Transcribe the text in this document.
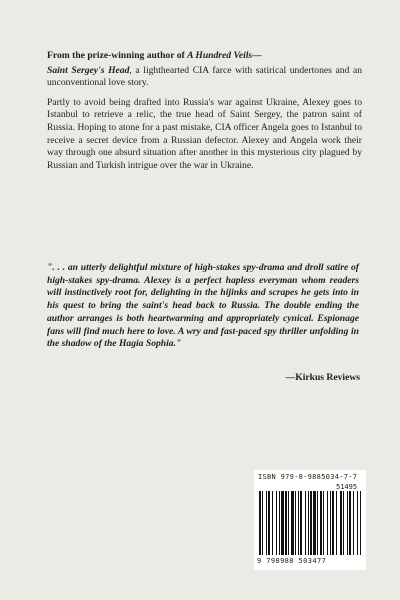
From the prize-winning author of A Hundred Veils—

Saint Sergey's Head, a lighthearted CIA farce with satirical undertones and an unconventional love story.

Partly to avoid being drafted into Russia's war against Ukraine, Alexey goes to Istanbul to retrieve a relic, the true head of Saint Sergey, the patron saint of Russia. Hoping to atone for a past mistake, CIA officer Angela goes to Istanbul to receive a secret device from a Russian defector. Alexey and Angela work their way through one absurd situation after another in this mysterious city plagued by Russian and Turkish intrigue over the war in Ukraine.

". . . an utterly delightful mixture of high-stakes spy-drama and droll satire of high-stakes spy-drama. Alexey is a perfect hapless everyman whom readers will instinctively root for, delighting in the hijinks and scrapes he gets into in his quest to bring the saint's head back to Russia. The double ending the author arranges is both heartwarming and appropriately cynical. Espionage fans will find much here to love. A wry and fast-paced spy thriller unfolding in the shadow of the Hagia Sophia."

—Kirkus Reviews
ISBN 979-8-9885034-7-7
51495
9 798988 503477
